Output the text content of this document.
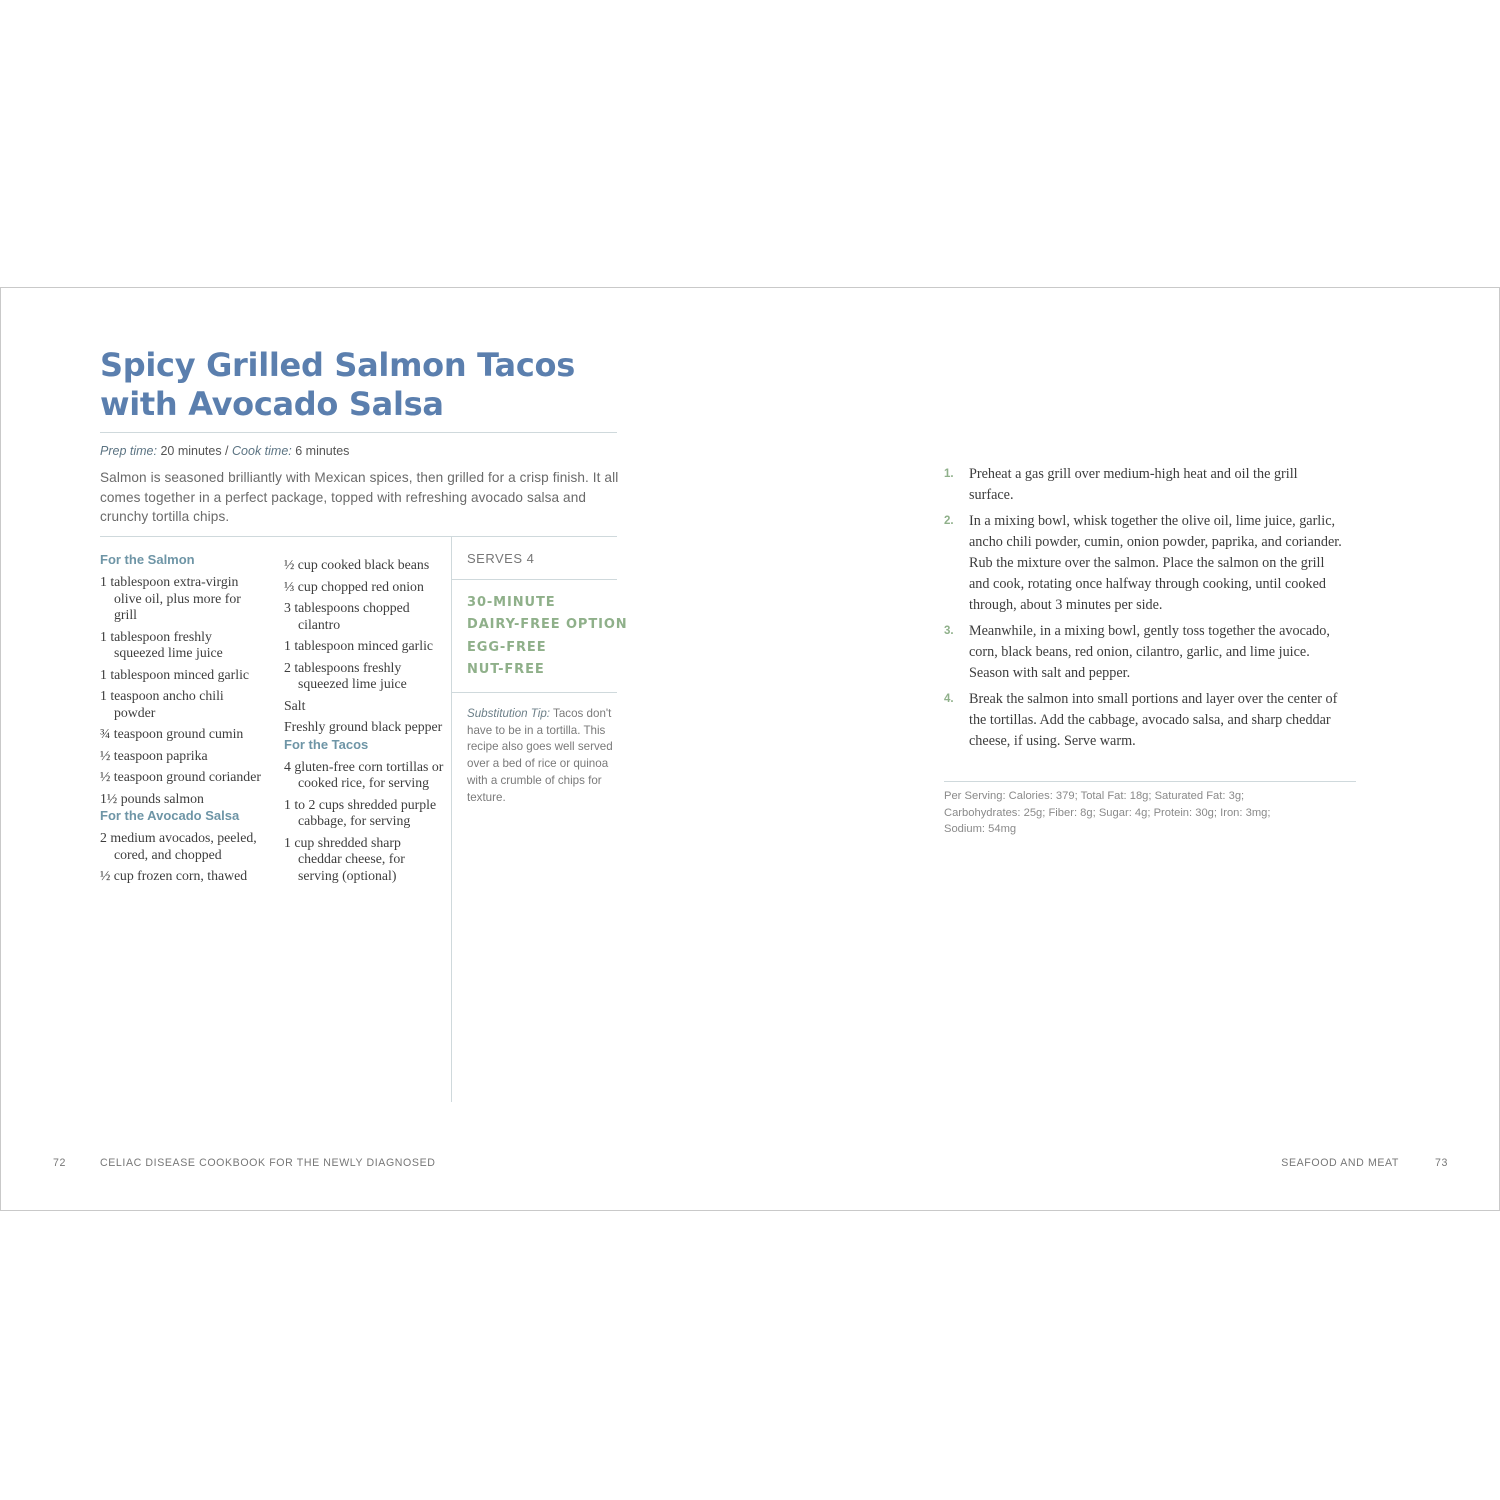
Spicy Grilled Salmon Tacos
with Avocado Salsa
Prep time: 20 minutes / Cook time: 6 minutes
Salmon is seasoned brilliantly with Mexican spices, then grilled for a crisp finish. It all comes together in a perfect package, topped with refreshing avocado salsa and crunchy tortilla chips.
For the Salmon
1 tablespoon extra-virgin olive oil, plus more for grill
1 tablespoon freshly squeezed lime juice
1 tablespoon minced garlic
1 teaspoon ancho chili powder
¾ teaspoon ground cumin
½ teaspoon paprika
½ teaspoon ground coriander
1½ pounds salmon
For the Avocado Salsa
2 medium avocados, peeled, cored, and chopped
½ cup frozen corn, thawed
½ cup cooked black beans
⅓ cup chopped red onion
3 tablespoons chopped cilantro
1 tablespoon minced garlic
2 tablespoons freshly squeezed lime juice
Salt
Freshly ground black pepper
For the Tacos
4 gluten-free corn tortillas or cooked rice, for serving
1 to 2 cups shredded purple cabbage, for serving
1 cup shredded sharp cheddar cheese, for serving (optional)
SERVES 4
30-MINUTE
DAIRY-FREE OPTION
EGG-FREE
NUT-FREE
Substitution Tip: Tacos don't have to be in a tortilla. This recipe also goes well served over a bed of rice or quinoa with a crumble of chips for texture.
1. Preheat a gas grill over medium-high heat and oil the grill surface.
2. In a mixing bowl, whisk together the olive oil, lime juice, garlic, ancho chili powder, cumin, onion powder, paprika, and coriander. Rub the mixture over the salmon. Place the salmon on the grill and cook, rotating once halfway through cooking, until cooked through, about 3 minutes per side.
3. Meanwhile, in a mixing bowl, gently toss together the avocado, corn, black beans, red onion, cilantro, garlic, and lime juice. Season with salt and pepper.
4. Break the salmon into small portions and layer over the center of the tortillas. Add the cabbage, avocado salsa, and sharp cheddar cheese, if using. Serve warm.
Per Serving: Calories: 379; Total Fat: 18g; Saturated Fat: 3g; Carbohydrates: 25g; Fiber: 8g; Sugar: 4g; Protein: 30g; Iron: 3mg; Sodium: 54mg
72	CELIAC DISEASE COOKBOOK FOR THE NEWLY DIAGNOSED	SEAFOOD AND MEAT	73
